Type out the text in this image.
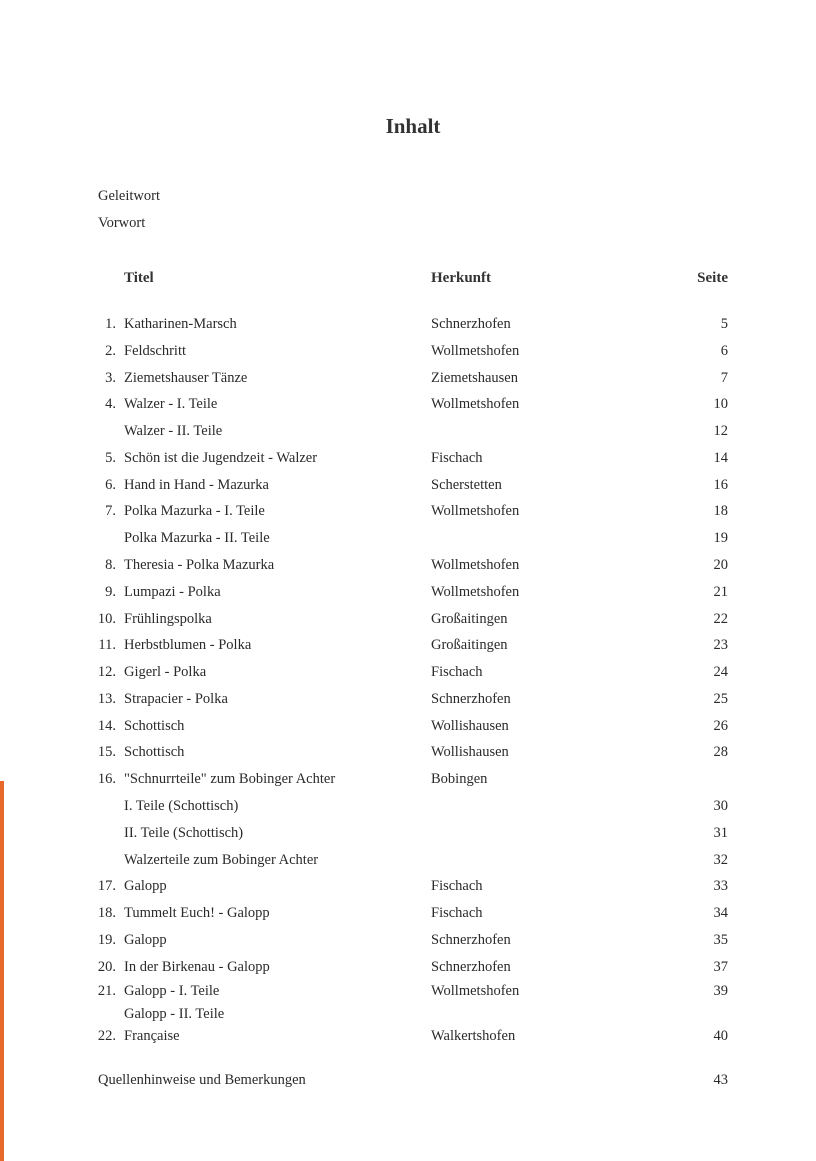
Inhalt
Geleitwort
Vorwort
Titel	Herkunft	Seite
1. Katharinen-Marsch	Schnerzhofen	5
2. Feldschritt	Wollmetshofen	6
3. Ziemetshauser Tänze	Ziemetshausen	7
4. Walzer - I. Teile	Wollmetshofen	10
Walzer - II. Teile	12
5. Schön ist die Jugendzeit - Walzer	Fischach	14
6. Hand in Hand - Mazurka	Scherstetten	16
7. Polka Mazurka - I. Teile	Wollmetshofen	18
Polka Mazurka - II. Teile	19
8. Theresia - Polka Mazurka	Wollmetshofen	20
9. Lumpazi - Polka	Wollmetshofen	21
10. Frühlingspolka	Großaitingen	22
11. Herbstblumen - Polka	Großaitingen	23
12. Gigerl - Polka	Fischach	24
13. Strapacier - Polka	Schnerzhofen	25
14. Schottisch	Wollishausen	26
15. Schottisch	Wollishausen	28
16. "Schnurrteile" zum Bobinger Achter	Bobingen
I. Teile (Schottisch)	30
II. Teile (Schottisch)	31
Walzerteile zum Bobinger Achter	32
17. Galopp	Fischach	33
18. Tummelt Euch! - Galopp	Fischach	34
19. Galopp	Schnerzhofen	35
20. In der Birkenau - Galopp	Schnerzhofen	37
21. Galopp - I. Teile	Wollmetshofen	39
Galopp - II. Teile
22. Française	Walkertshofen	40
Quellenhinweise und Bemerkungen	43
